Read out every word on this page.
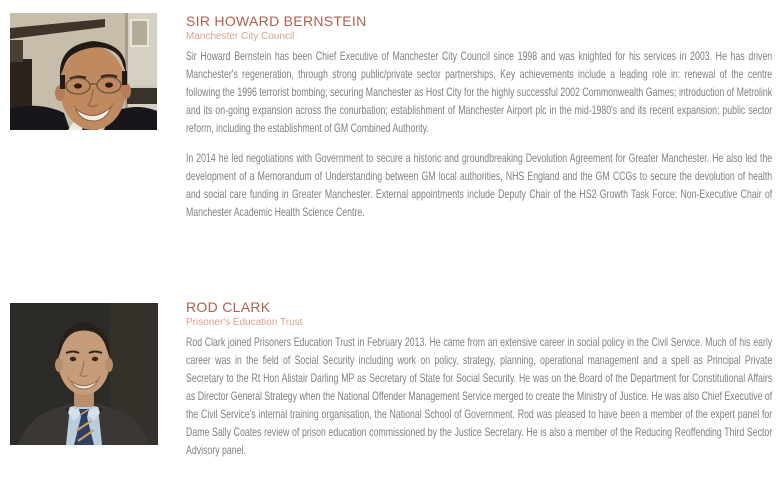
SIR HOWARD BERNSTEIN
Manchester City Council

Sir Howard Bernstein has been Chief Executive of Manchester City Council since 1998 and was knighted for his services in 2003. He has driven Manchester's regeneration, through strong public/private sector partnerships. Key achievements include a leading role in: renewal of the centre following the 1996 terrorist bombing; securing Manchester as Host City for the highly successful 2002 Commonwealth Games; introduction of Metrolink and its on-going expansion across the conurbation; establishment of Manchester Airport plc in the mid-1980's and its recent expansion; public sector reform, including the establishment of GM Combined Authority.

In 2014 he led negotiations with Government to secure a historic and groundbreaking Devolution Agreement for Greater Manchester. He also led the development of a Memorandum of Understanding between GM local authorities, NHS England and the GM CCGs to secure the devolution of health and social care funding in Greater Manchester. External appointments include Deputy Chair of the HS2 Growth Task Force; Non-Executive Chair of Manchester Academic Health Science Centre.

ROD CLARK
Prisoner's Education Trust

Rod Clark joined Prisoners Education Trust in February 2013. He came from an extensive career in social policy in the Civil Service. Much of his early career was in the field of Social Security including work on policy, strategy, planning, operational management and a spell as Principal Private Secretary to the Rt Hon Alistair Darling MP as Secretary of State for Social Security. He was on the Board of the Department for Constitutional Affairs as Director General Strategy when the National Offender Management Service merged to create the Ministry of Justice. He was also Chief Executive of the Civil Service's internal training organisation, the National School of Government. Rod was pleased to have been a member of the expert panel for Dame Sally Coates review of prison education commissioned by the Justice Secretary. He is also a member of the Reducing Reoffending Third Sector Advisory panel.
